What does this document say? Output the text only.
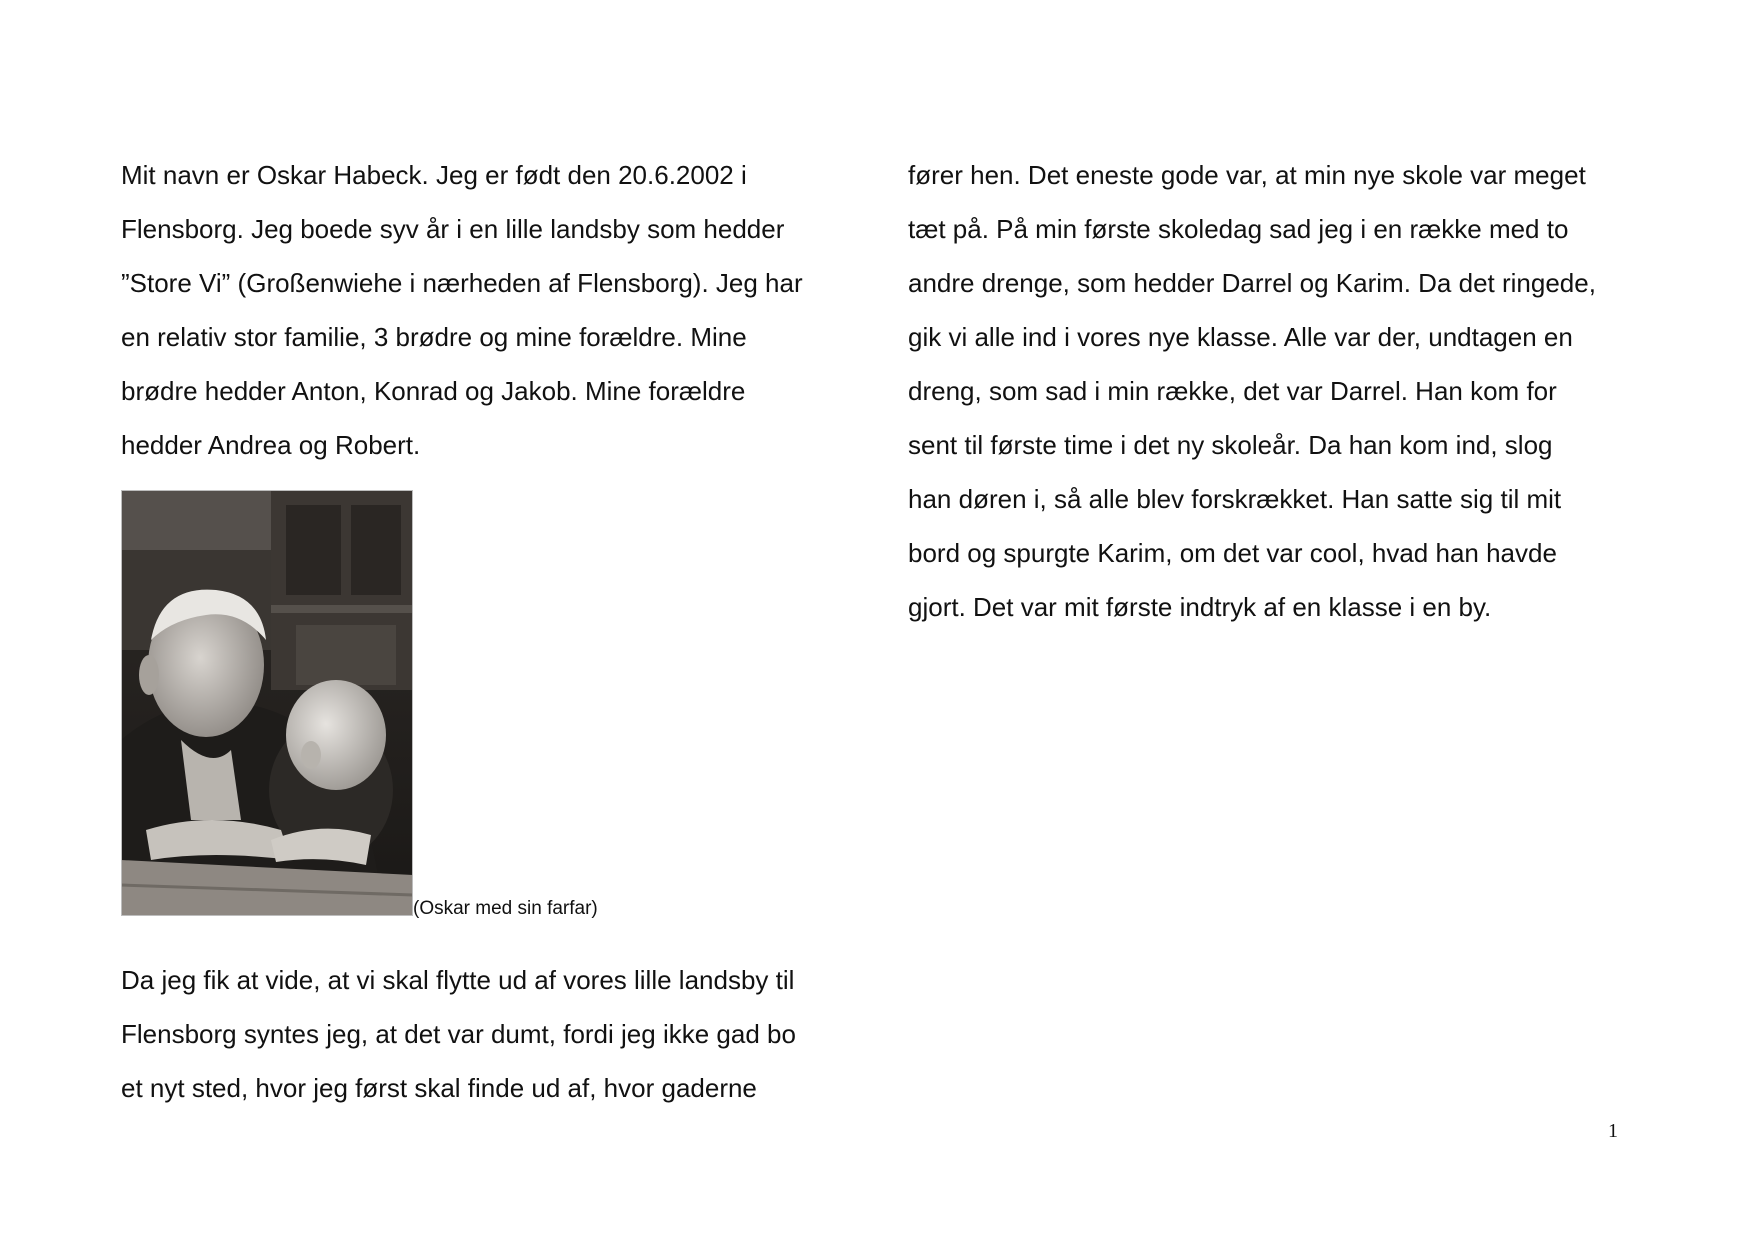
Mit navn er Oskar Habeck. Jeg er født den 20.6.2002 i
Flensborg. Jeg boede syv år i en lille landsby som hedder
”Store Vi” (Großenwiehe i nærheden af Flensborg). Jeg har
en relativ stor familie, 3 brødre og mine forældre. Mine
brødre hedder Anton, Konrad og Jakob. Mine forældre
hedder Andrea og Robert.
(Oskar med sin farfar)
Da jeg fik at vide, at vi skal flytte ud af vores lille landsby til
Flensborg syntes jeg, at det var dumt, fordi jeg ikke gad bo
et nyt sted, hvor jeg først skal finde ud af, hvor gaderne
fører hen. Det eneste gode var, at min nye skole var meget
tæt på. På min første skoledag sad jeg i en række med to
andre drenge, som hedder Darrel og Karim. Da det ringede,
gik vi alle ind i vores nye klasse. Alle var der, undtagen en
dreng, som sad i min række, det var Darrel. Han kom for
sent til første time i det ny skoleår. Da han kom ind, slog
han døren i, så alle blev forskrækket. Han satte sig til mit
bord og spurgte Karim, om det var cool, hvad han havde
gjort. Det var mit første indtryk af en klasse i en by.
1
